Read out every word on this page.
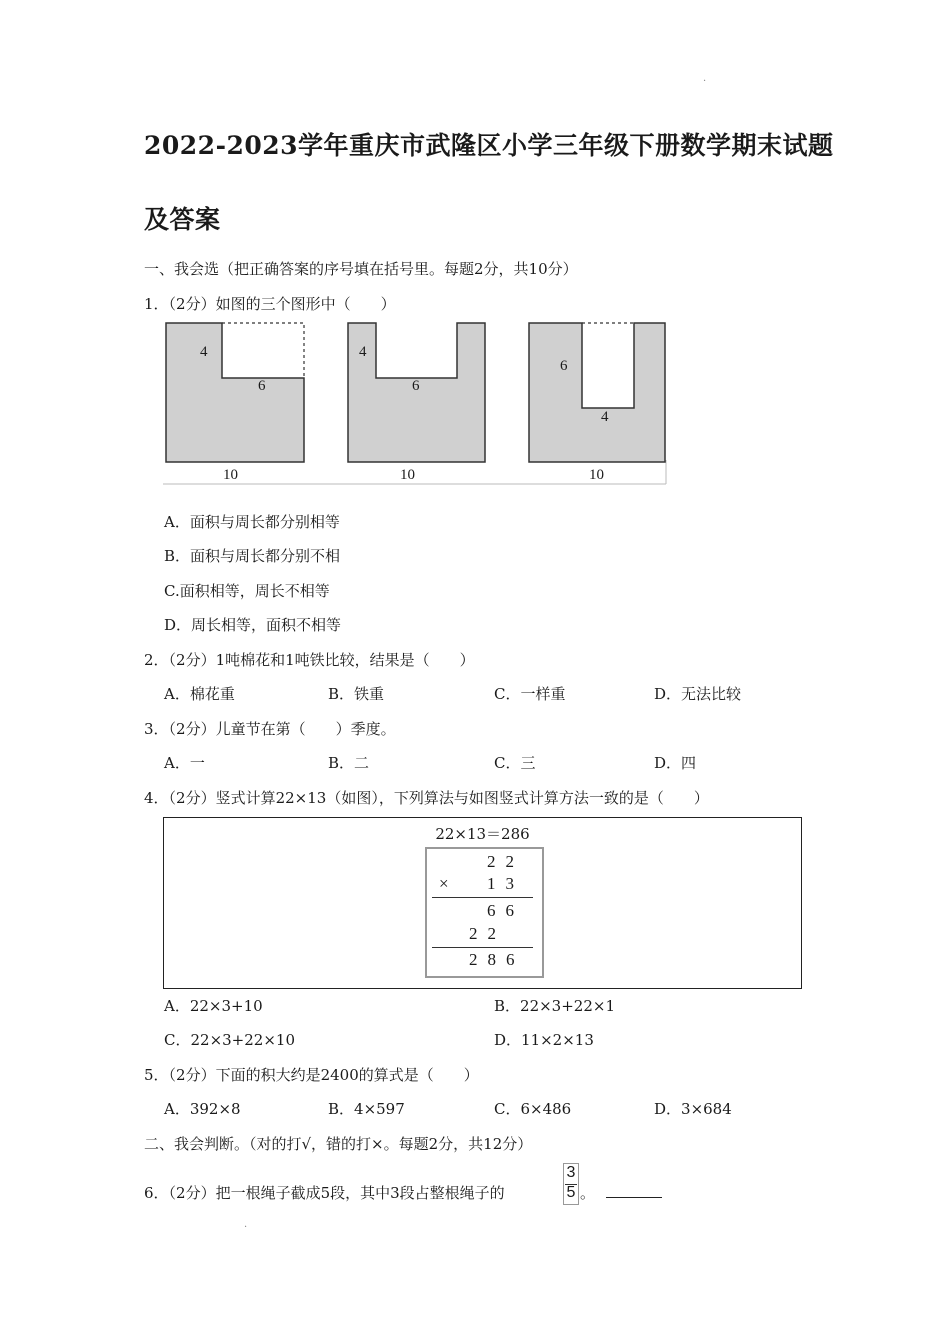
·
·
2022-2023学年重庆市武隆区小学三年级下册数学期末试题
及答案
一、我会选（把正确答案的序号填在括号里。每题2分，共10分）
1．（2分）如图的三个图形中（　　）
4
6
10
4
6
10
6
4
10
A．面积与周长都分别相等
B．面积与周长都分别不相
C.面积相等，周长不相等
D．周长相等，面积不相等
2．（2分）1吨棉花和1吨铁比较，结果是（　　）
A．棉花重	B．铁重	C．一样重	D．无法比较
3．（2分）儿童节在第（　　）季度。
A．一	B．二	C．三	D．四
4．（2分）竖式计算22×13（如图），下列算法与如图竖式计算方法一致的是（　　）
22×13＝286
22
× 13
66
22
286
A．22×3+10	B．22×3+22×1
C．22×3+22×10	D．11×2×13
5．（2分）下面的积大约是2400的算式是（　　）
A．392×8	B．4×597	C．6×486	D．3×684
二、我会判断。（对的打√，错的打×。每题2分，共12分）
6．（2分）把一根绳子截成5段，其中3段占整根绳子的
3
5 。
